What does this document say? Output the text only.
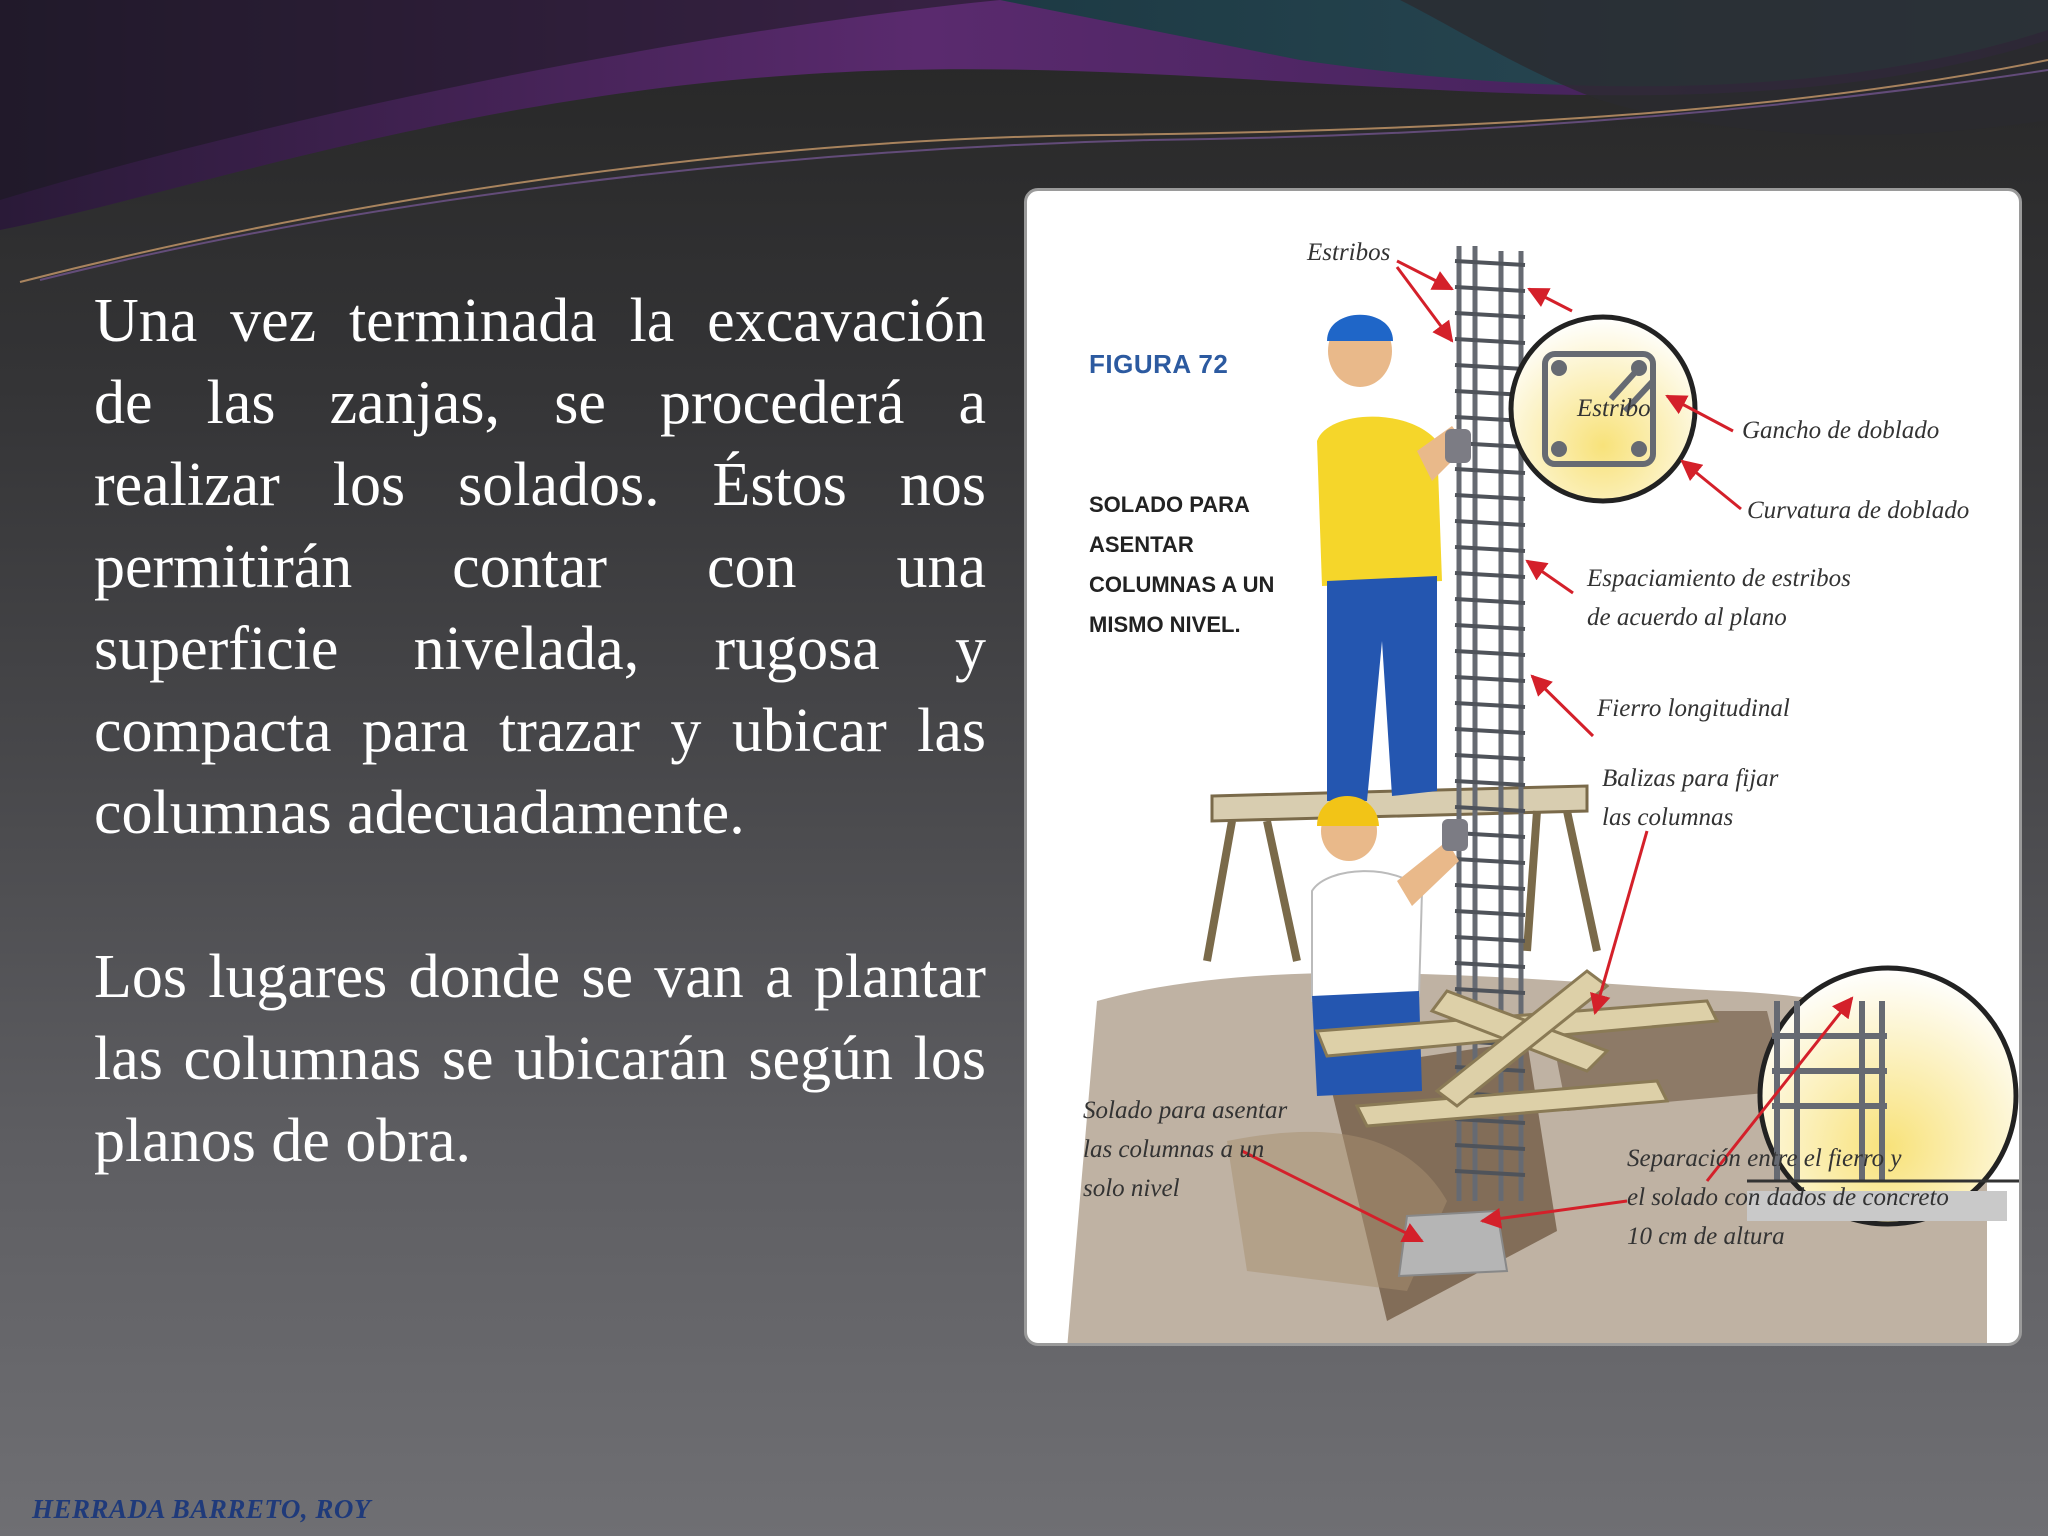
Una vez terminada la excavación de las zanjas, se procederá a realizar los solados. Éstos nos permitirán contar con una superficie nivelada, rugosa y compacta para trazar y ubicar las columnas adecuadamente.

Los lugares donde se van a plantar las columnas se ubicarán según los planos de obra.

FIGURA 72
SOLADO PARA ASENTAR COLUMNAS A UN MISMO NIVEL.
Estribos
Estribo
Gancho de doblado
Curvatura de doblado
Espaciamiento de estribos
de acuerdo al plano
Fierro longitudinal
Balizas para fijar
las columnas
Solado para asentar
las columnas a un
solo nivel
Separación entre el fierro y
el solado con dados de concreto
10 cm de altura
HERRADA BARRETO, ROY
